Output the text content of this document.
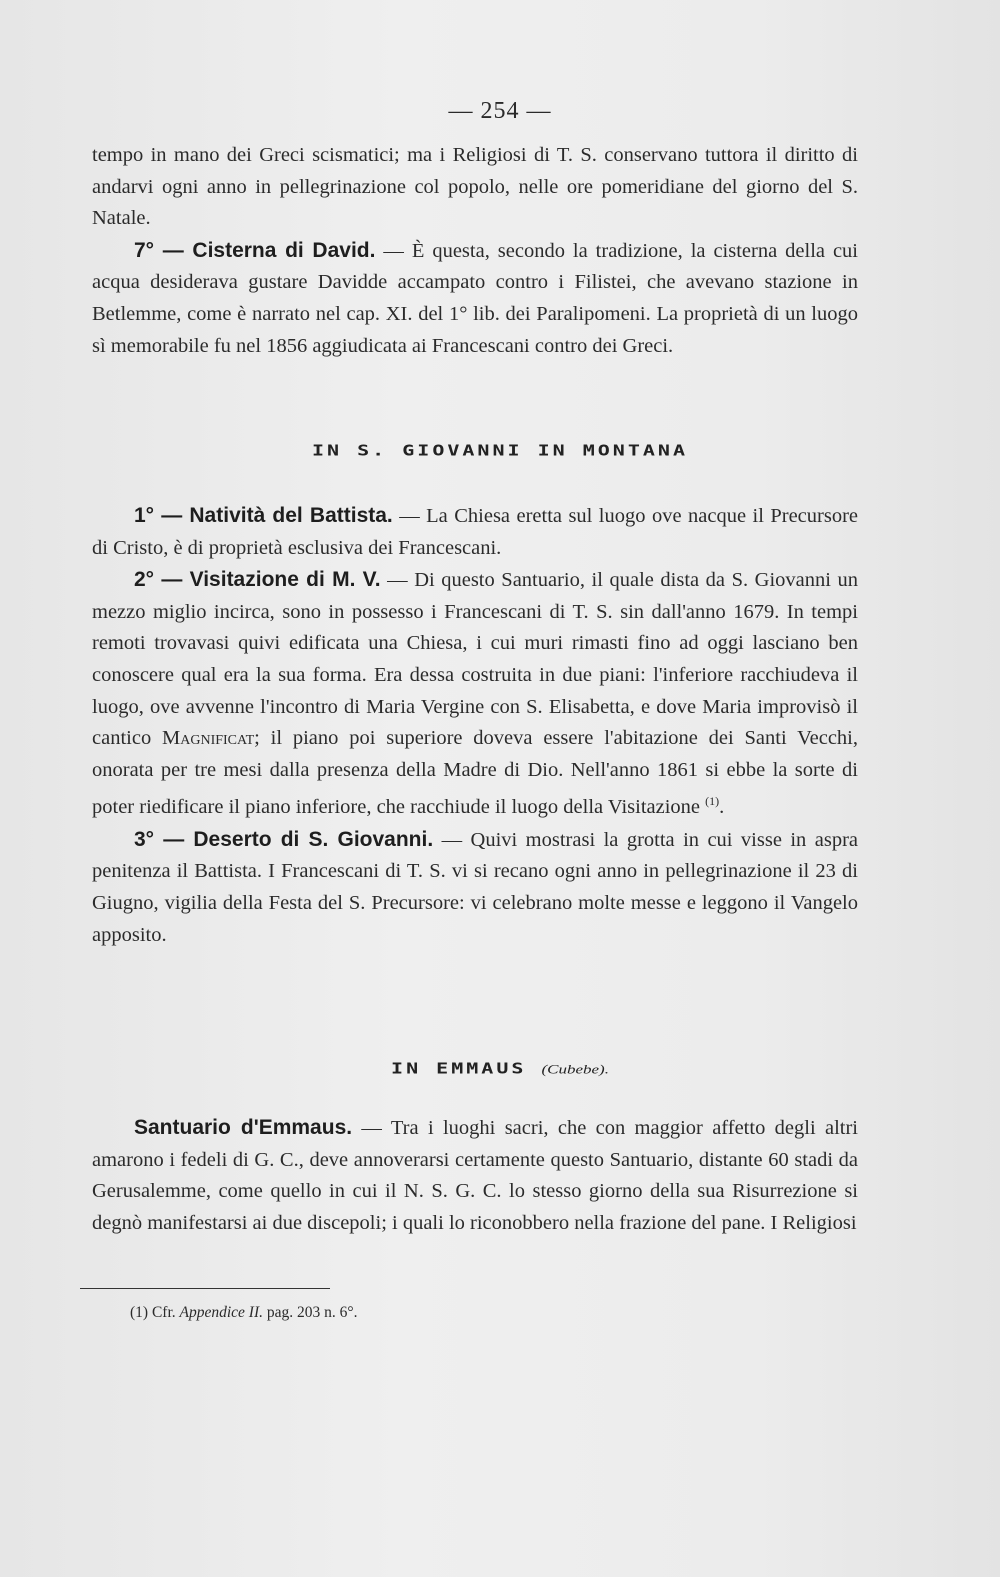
— 254 —

tempo in mano dei Greci scismatici; ma i Religiosi di T. S. conservano tuttora il diritto di andarvi ogni anno in pellegrinazione col popolo, nelle ore pomeridiane del giorno del S. Natale.

7° — Cisterna di David. — È questa, secondo la tradizione, la cisterna della cui acqua desiderava gustare Davidde accampato contro i Filistei, che avevano stazione in Betlemme, come è narrato nel cap. XI. del 1° lib. dei Paralipomeni. La proprietà di un luogo sì memorabile fu nel 1856 aggiudicata ai Francescani contro dei Greci.

IN S. GIOVANNI IN MONTANA

1° — Natività del Battista. — La Chiesa eretta sul luogo ove nacque il Precursore di Cristo, è di proprietà esclusiva dei Francescani.

2° — Visitazione di M. V. — Di questo Santuario, il quale dista da S. Giovanni un mezzo miglio incirca, sono in possesso i Francescani di T. S. sin dall'anno 1679. In tempi remoti trovavasi quivi edificata una Chiesa, i cui muri rimasti fino ad oggi lasciano ben conoscere qual era la sua forma. Era dessa costruita in due piani: l'inferiore racchiudeva il luogo, ove avvenne l'incontro di Maria Vergine con S. Elisabetta, e dove Maria improvisò il cantico Magnificat; il piano poi superiore doveva essere l'abitazione dei Santi Vecchi, onorata per tre mesi dalla presenza della Madre di Dio. Nell'anno 1861 si ebbe la sorte di poter riedificare il piano inferiore, che racchiude il luogo della Visitazione $^{(1)}$.

3° — Deserto di S. Giovanni. — Quivi mostrasi la grotta in cui visse in aspra penitenza il Battista. I Francescani di T. S. vi si recano ogni anno in pellegrinazione il 23 di Giugno, vigilia della Festa del S. Precursore: vi celebrano molte messe e leggono il Vangelo apposito.

IN EMMAUS (Cubebe).

Santuario d'Emmaus. — Tra i luoghi sacri, che con maggior affetto degli altri amarono i fedeli di G. C., deve annoverarsi certamente questo Santuario, distante 60 stadi da Gerusalemme, come quello in cui il N. S. G. C. lo stesso giorno della sua Risurrezione si degnò manifestarsi ai due discepoli; i quali lo riconobbero nella frazione del pane. I Religiosi

(1) Cfr. Appendice II. pag. 203 n. 6°.
